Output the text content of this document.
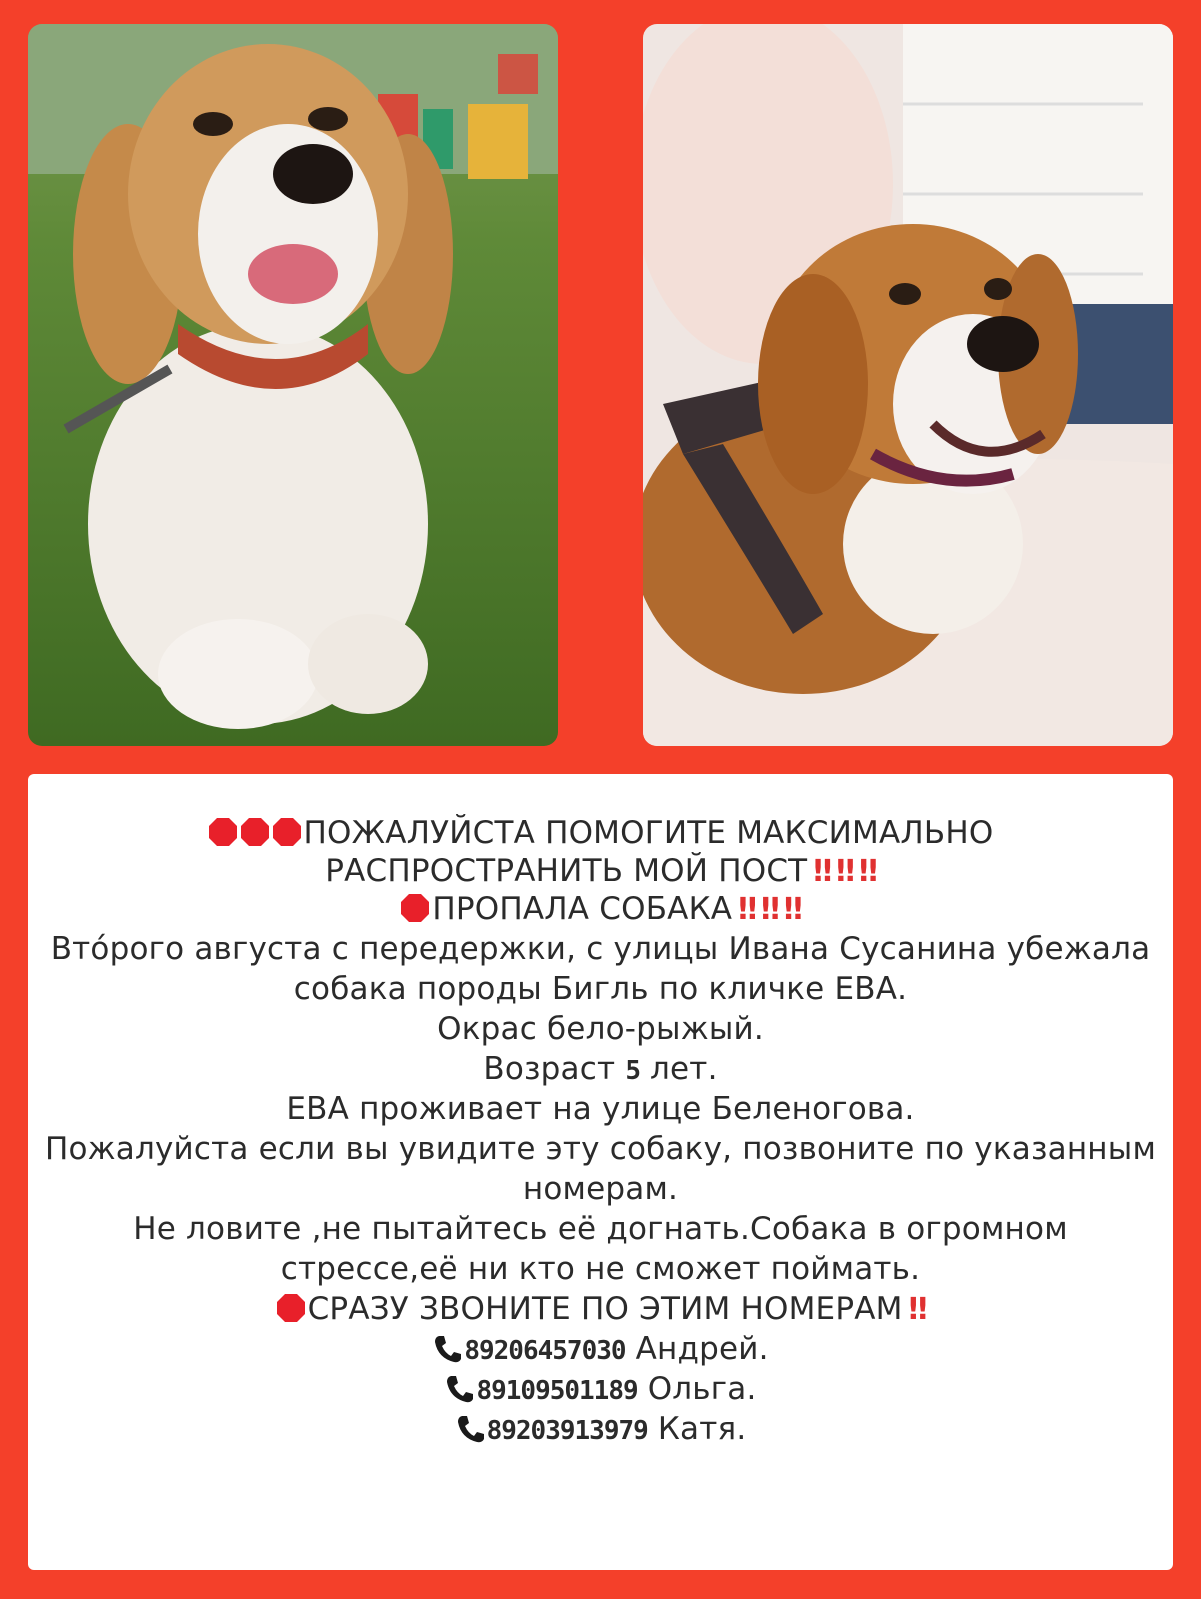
ПОЖАЛУЙСТА ПОМОГИТЕ МАКСИМАЛЬНО
РАСПРОСТРАНИТЬ МОЙ ПОСТ ‼ ‼ ‼
ПРОПАЛА СОБАКА ‼ ‼ ‼
Вто́рого августа с передержки, с улицы Ивана Сусанина убежала
собака породы Бигль по кличке ЕВА.
Окрас бело-рыжый.
Возраст 5 лет.
ЕВА проживает на улице Беленогова.
Пожалуйста если вы увидите эту собаку, позвоните по указанным
номерам.
Не ловите ,не пытайтесь её догнать.Собака в огромном
стрессе,её ни кто не сможет поймать.
СРАЗУ ЗВОНИТЕ ПО ЭТИМ НОМЕРАМ ‼
89206457030 Андрей.
89109501189 Ольга.
89203913979 Катя.
